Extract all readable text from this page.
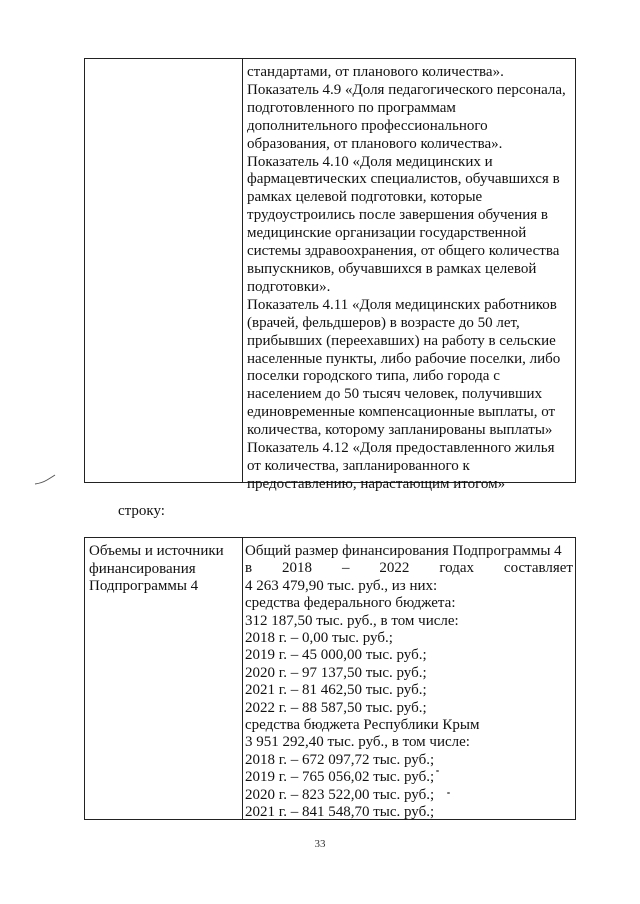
стандартами, от планового количества».
Показатель 4.9 «Доля педагогического персонала,
подготовленного по программам
дополнительного профессионального
образования, от планового количества».
Показатель 4.10 «Доля медицинских и
фармацевтических специалистов, обучавшихся в
рамках целевой подготовки, которые
трудоустроились после завершения обучения в
медицинские организации государственной
системы здравоохранения, от общего количества
выпускников, обучавшихся в рамках целевой
подготовки».
Показатель 4.11 «Доля медицинских работников
(врачей, фельдшеров) в возрасте до 50 лет,
прибывших (переехавших) на работу в сельские
населенные пункты, либо рабочие поселки, либо
поселки городского типа, либо города с
населением до 50 тысяч человек, получивших
единовременные компенсационные выплаты, от
количества, которому запланированы выплаты»
Показатель 4.12 «Доля предоставленного жилья
от количества, запланированного к
предоставлению, нарастающим итогом»
строку:
Объемы и источники
финансирования
Подпрограммы 4
Общий размер финансирования Подпрограммы 4
в 2018 – 2022 годах составляет
4 263 479,90 тыс. руб., из них:
средства федерального бюджета:
312 187,50 тыс. руб., в том числе:
2018 г. – 0,00 тыс. руб.;
2019 г. – 45 000,00 тыс. руб.;
2020 г. – 97 137,50 тыс. руб.;
2021 г. – 81 462,50 тыс. руб.;
2022 г. – 88 587,50 тыс. руб.;
средства бюджета Республики Крым
3 951 292,40 тыс. руб., в том числе:
2018 г. – 672 097,72 тыс. руб.;
2019 г. – 765 056,02 тыс. руб.;
2020 г. – 823 522,00 тыс. руб.;
2021 г. – 841 548,70 тыс. руб.;
33
